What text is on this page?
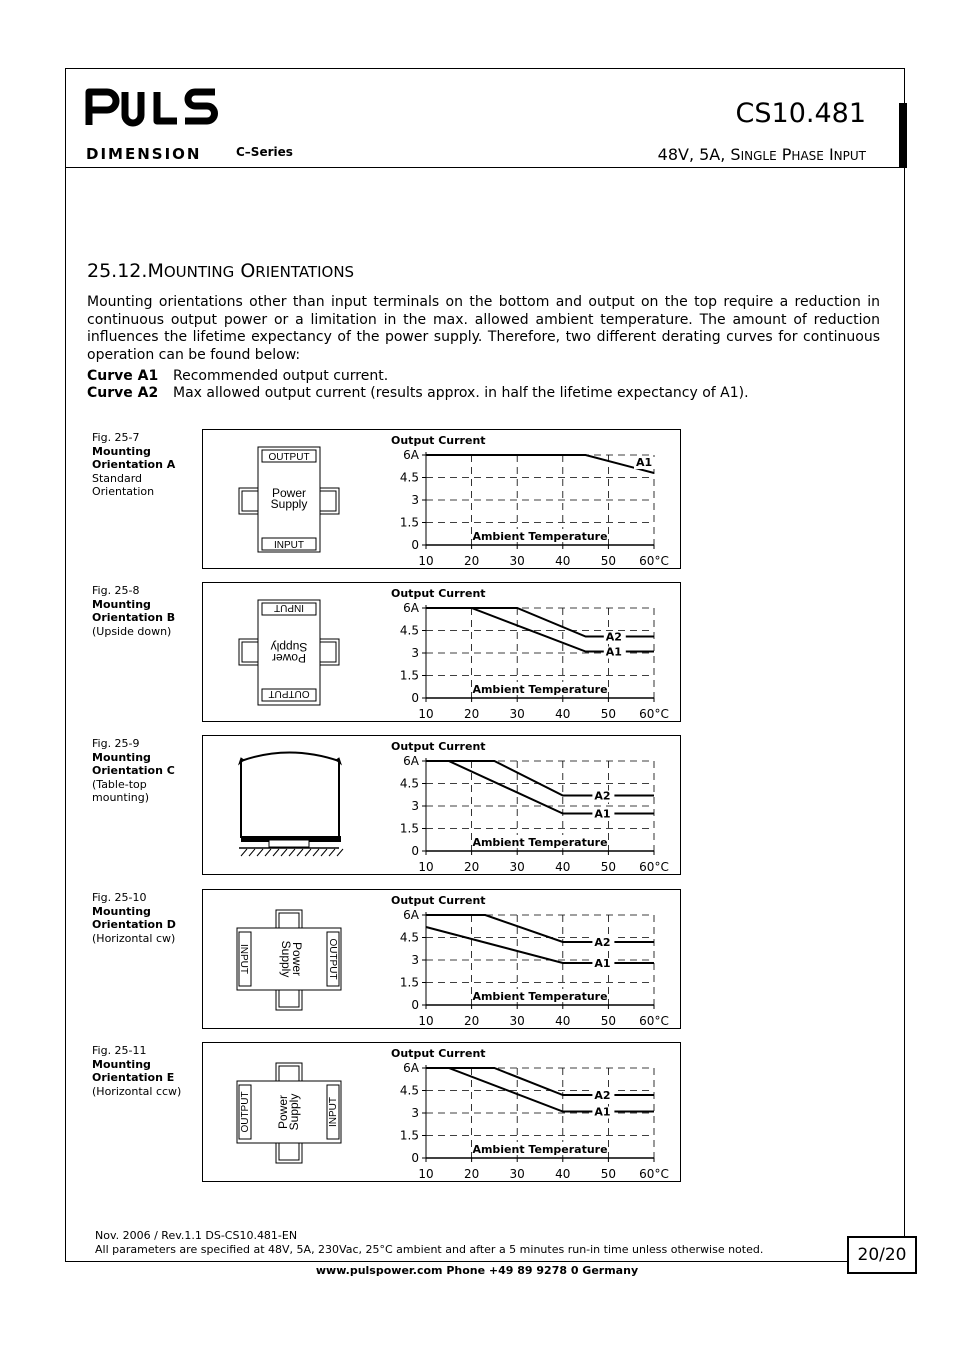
PULS
DIMENSION	C–Series
CS10.481
48V, 5A, SINGLE PHASE INPUT
25.12.MOUNTING ORIENTATIONS
Mounting orientations other than input terminals on the bottom and output on the top require a reduction in continuous output power or a limitation in the max. allowed ambient temperature. The amount of reduction influences the lifetime expectancy of the power supply. Therefore, two different derating curves for continuous operation can be found below:
Curve A1 Recommended output current.
Curve A2 Max allowed output current (results approx. in half the lifetime expectancy of A1).
Fig. 25-7
Mounting
Orientation A
Standard
Orientation
Fig. 25-8
Mounting
Orientation B
(Upside down)
Fig. 25-9
Mounting
Orientation C
(Table-top
mounting)
Fig. 25-10
Mounting
Orientation D
(Horizontal cw)
Fig. 25-11
Mounting
Orientation E
(Horizontal ccw)
OUTPUT
INPUT
Power
Supply
0
1.5
3
4.5
6A
10	20	30	40	50 60°C
Output Current
Ambient Temperature
A1
OUTPUT
INPUT
Power
Supply
0
1.5
3
4.5
6A
10	20	30	40	50 60°C
Output Current
Ambient Temperature
A2
A1
0
1.5
3
4.5
6A
10	20	30	40	50 60°C
Output Current
Ambient Temperature
A2
A1
INPUT	OUTPUT
Power
Supply
0
1.5
3
4.5
6A
10	20	30	40	50 60°C
Output Current
Ambient Temperature
A2
A1
OUTPUT	INPUT
Power
Supply
0
1.5
3
4.5
6A
10	20	30	40	50 60°C
Output Current
Ambient Temperature
A2
A1
Nov. 2006 / Rev.1.1 DS-CS10.481-EN
All parameters are specified at 48V, 5A, 230Vac, 25°C ambient and after a 5 minutes run-in time unless otherwise noted.
www.pulspower.com Phone +49 89 9278 0 Germany
20/20
